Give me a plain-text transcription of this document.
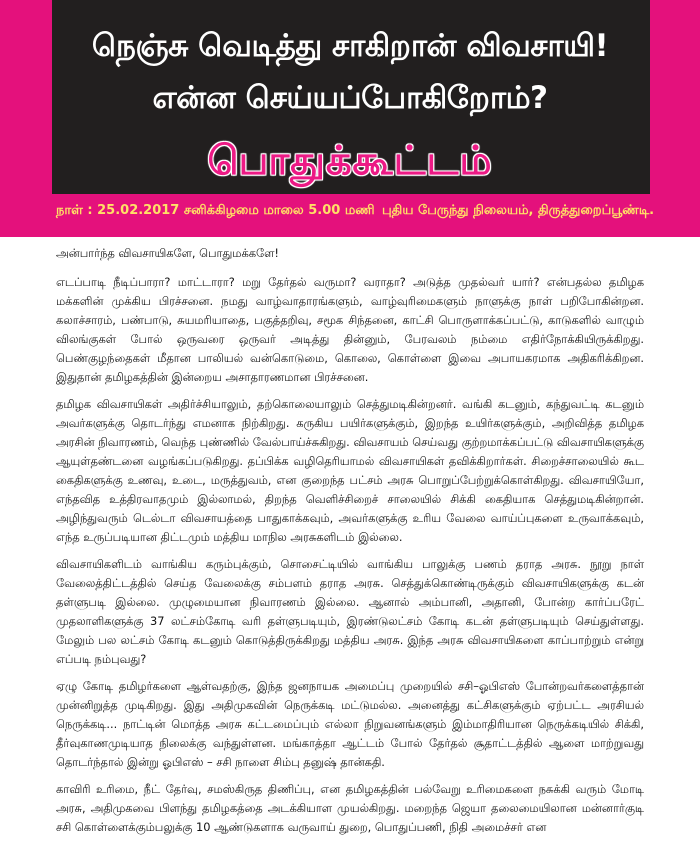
நெஞ்சு வெடித்து சாகிறான் விவசாயி!
என்ன செய்யப்போகிறோம்?
பொதுக்கூட்டம்
நாள் : 25.02.2017 சனிக்கிழமை மாலை 5.00 மணி புதிய பேருந்து நிலையம், திருத்துறைப்பூண்டி.

அன்பார்ந்த விவசாயிகளே, பொதுமக்களே!

எடப்பாடி நீடிப்பாரா? மாட்டாரா? மறு தேர்தல் வருமா? வராதா? அடுத்த முதல்வர் யார்? என்பதல்ல தமிழக மக்களின் முக்கிய பிரச்சனை. நமது வாழ்வாதாரங்களும், வாழ்வுரிமைகளும் நாளுக்கு நாள் பறிபோகின்றன. கலாச்சாரம், பண்பாடு, சுயமரியாதை, பகுத்தறிவு, சமூக சிந்தனை, காட்சி பொருளாக்கப்பட்டு, காடுகளில் வாழும் விலங்குகள் போல் ஒருவரை ஒருவர் அடித்து தின்னும், பேரவலம் நம்மை எதிர்நோக்கியிருக்கிறது. பெண்குழந்தைகள் மீதான பாலியல் வன்கொடுமை, கொலை, கொள்ளை இவை அபாயகரமாக அதிகரிக்கிறன. இதுதான் தமிழகத்தின் இன்றைய அசாதாரணமான பிரச்சனை.

தமிழக விவசாயிகள் அதிர்ச்சியாலும், தற்கொலையாலும் செத்துமடிகின்றனர். வங்கி கடனும், கந்துவட்டி கடனும் அவர்களுக்கு தொடர்ந்து எமனாக நிற்கிறது. கருகிய பயிர்களுக்கும், இறந்த உயிர்களுக்கும், அறிவித்த தமிழக அரசின் நிவாரணம், வெந்த புண்ணில் வேல்பாய்ச்சுகிறது. விவசாயம் செய்வது குற்றமாக்கப்பட்டு விவசாயிகளுக்கு ஆயுள்தண்டனை வழங்கப்படுகிறது. தப்பிக்க வழிதெரியாமல் விவசாயிகள் தவிக்கிறார்கள். சிறைச்சாலையில் கூட கைதிகளுக்கு உணவு, உடை, மருத்துவம், என குறைந்த பட்சம் அரசு பொறுப்பேற்றுக்கொள்கிறது. விவசாயியோ, எந்தவித உத்திரவாதமும் இல்லாமல், திறந்த வெளிச்சிறைச் சாலையில் சிக்கி கைதியாக செத்துமடிகின்றான். அழிந்துவரும் டெல்டா விவசாயத்தை பாதுகாக்கவும், அவர்களுக்கு உரிய வேலை வாய்ப்புகளை உருவாக்கவும், எந்த உருப்படியான திட்டமும் மத்திய மாநில அரசுகளிடம் இல்லை.

விவசாயிகளிடம் வாங்கிய கரும்புக்கும், சொசைட்டியில் வாங்கிய பாலுக்கு பணம் தராத அரசு. நூறு நாள் வேலைத்திட்டத்தில் செய்த வேலைக்கு சம்பளம் தராத அரசு. செத்துக்கொண்டிருக்கும் விவசாயிகளுக்கு கடன் தள்ளுபடி இல்லை. முழுமையான நிவாரணம் இல்லை. ஆனால் அம்பானி, அதானி, போன்ற கார்ப்பரேட் முதலாளிகளுக்கு 37 லட்சம்கோடி வரி தள்ளுபடியும், இரண்டுலட்சம் கோடி கடன் தள்ளுபடியும் செய்துள்ளது. மேலும் பல லட்சம் கோடி கடனும் கொடுத்திருக்கிறது மத்திய அரசு. இந்த அரசு விவசாயிகளை காப்பாற்றும் என்று எப்படி நம்புவது?

ஏழு கோடி தமிழர்களை ஆள்வதற்கு, இந்த ஜனநாயக அமைப்பு முறையில் சசி–ஓபிஎஸ் போன்றவர்களைத்தான் முன்னிறுத்த முடிகிறது. இது அதிமுகவின் நெருக்கடி மட்டுமல்ல. அனைத்து கட்சிகளுக்கும் ஏற்பட்ட அரசியல் நெருக்கடி... நாட்டின் மொத்த அரசு கட்டமைப்பும் எல்லா நிறுவனங்களும் இம்மாதிரியான நெருக்கடியில் சிக்கி, தீர்வுகாணமுடியாத நிலைக்கு வந்துள்ளன. மங்காத்தா ஆட்டம் போல் தேர்தல் சூதாட்டத்தில் ஆளை மாற்றுவது தொடர்ந்தால் இன்று ஓபிஎஸ் – சசி நாளை சிம்பு தனுஷ் தான்கதி.

காவிரி உரிமை, நீட் தேர்வு, சமஸ்கிருத திணிப்பு, என தமிழகத்தின் பல்வேறு உரிமைகளை நசுக்கி வரும் மோடி அரசு, அதிமுகவை பிளந்து தமிழகத்தை அடக்கியாள முயல்கிறது. மறைந்த ஜெயா தலைமையிலான மன்னார்குடி சசி கொள்ளைக்கும்பலுக்கு 10 ஆண்டுகளாக வருவாய் துறை, பொதுப்பணி, நிதி அமைச்சர் என
